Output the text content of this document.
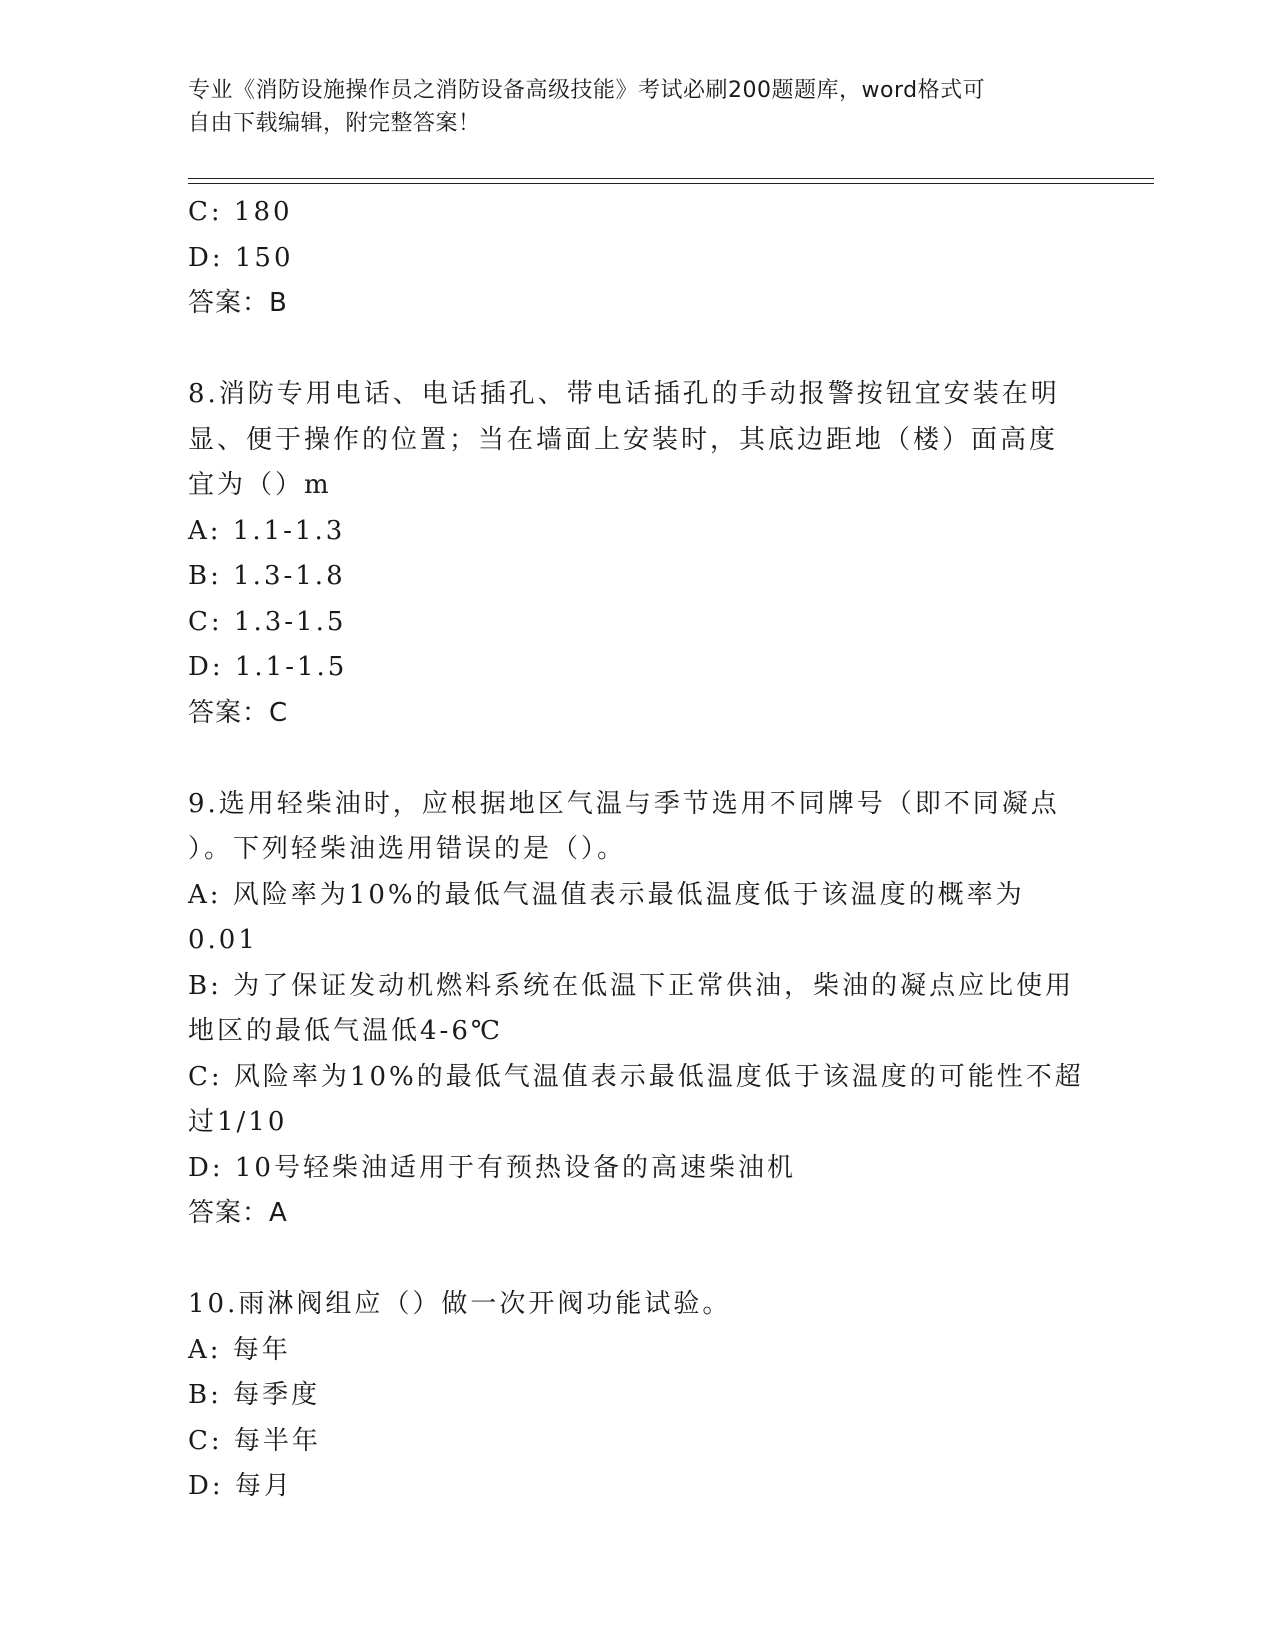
专业《消防设施操作员之消防设备高级技能》考试必刷200题题库，word格式可
自由下载编辑，附完整答案！
C: 180
D: 150
答案：B
8.消防专用电话、电话插孔、带电话插孔的手动报警按钮宜安装在明
显、便于操作的位置；当在墙面上安装时，其底边距地（楼）面高度
宜为（）m
A: 1.1-1.3
B: 1.3-1.8
C: 1.3-1.5
D: 1.1-1.5
答案：C
9.选用轻柴油时，应根据地区气温与季节选用不同牌号（即不同凝点
）。下列轻柴油选用错误的是（）。
A: 风险率为10%的最低气温值表示最低温度低于该温度的概率为0.01
B: 为了保证发动机燃料系统在低温下正常供油，柴油的凝点应比使用
地区的最低气温低4-6℃
C: 风险率为10%的最低气温值表示最低温度低于该温度的可能性不超
过1/10
D: 10号轻柴油适用于有预热设备的高速柴油机
答案：A
10.雨淋阀组应（）做一次开阀功能试验。
A: 每年
B: 每季度
C: 每半年
D: 每月
